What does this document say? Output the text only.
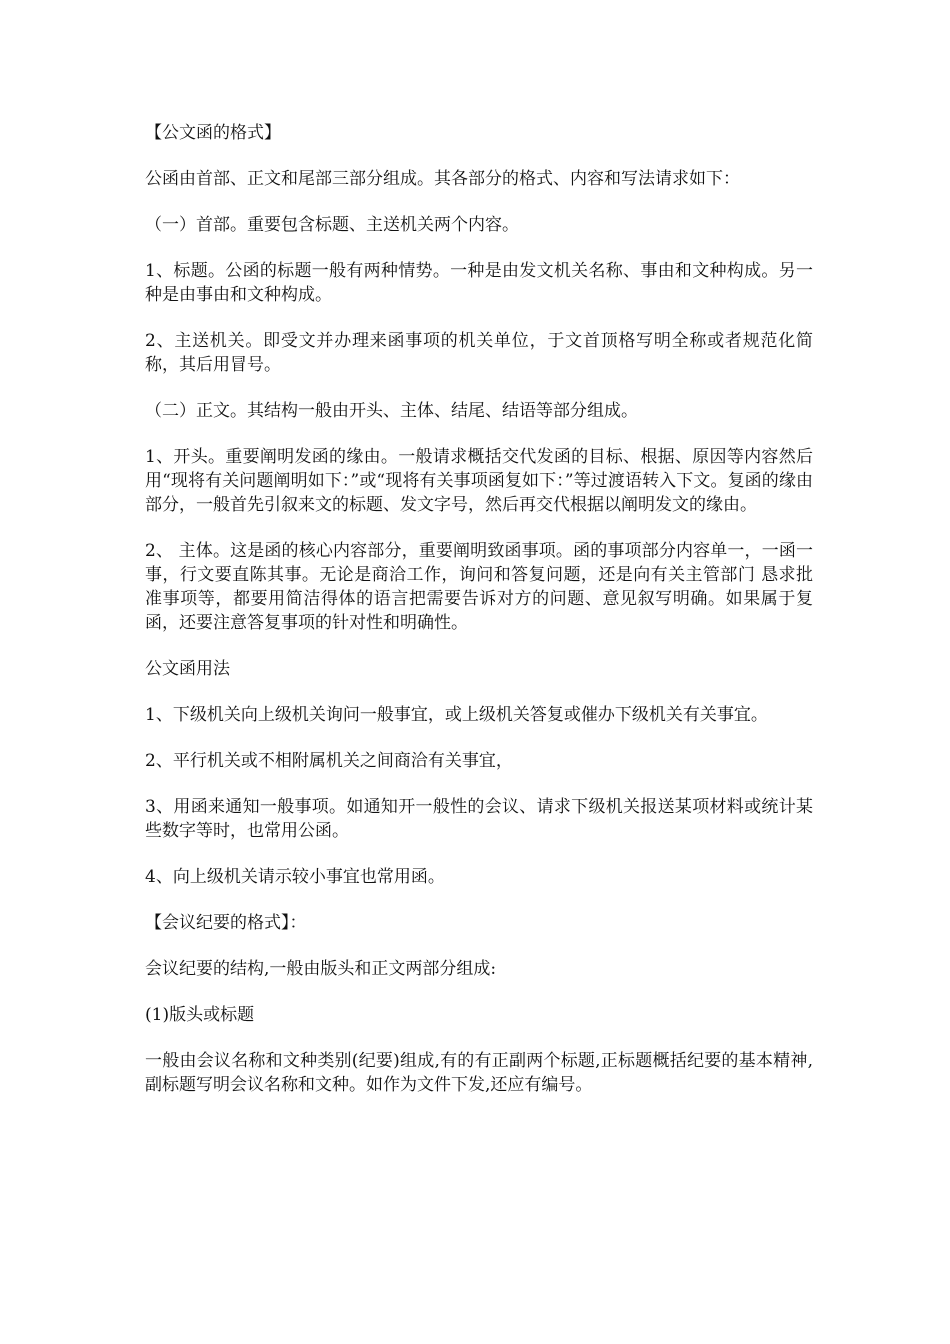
【公文函的格式】

公函由首部、正文和尾部三部分组成。其各部分的格式、内容和写法请求如下：

（一）首部。重要包含标题、主送机关两个内容。

1、标题。公函的标题一般有两种情势。一种是由发文机关名称、事由和文种构成。另一种是由事由和文种构成。

2、主送机关。即受文并办理来函事项的机关单位，于文首顶格写明全称或者规范化简称，其后用冒号。

（二）正文。其结构一般由开头、主体、结尾、结语等部分组成。

1、开头。重要阐明发函的缘由。一般请求概括交代发函的目标、根据、原因等内容然后用“现将有关问题阐明如下：”或“现将有关事项函复如下：”等过渡语转入下文。复函的缘由部分，一般首先引叙来文的标题、发文字号，然后再交代根据以阐明发文的缘由。

2、 主体。这是函的核心内容部分，重要阐明致函事项。函的事项部分内容单一，一函一事，行文要直陈其事。无论是商洽工作，询问和答复问题，还是向有关主管部门 恳求批准事项等，都要用简洁得体的语言把需要告诉对方的问题、意见叙写明确。如果属于复函，还要注意答复事项的针对性和明确性。

公文函用法

1、下级机关向上级机关询问一般事宜，或上级机关答复或催办下级机关有关事宜。

2、平行机关或不相附属机关之间商洽有关事宜，

3、用函来通知一般事项。如通知开一般性的会议、请求下级机关报送某项材料或统计某些数字等时，也常用公函。

4、向上级机关请示较小事宜也常用函。

【会议纪要的格式】：

会议纪要的结构,一般由版头和正文两部分组成:

(1)版头或标题

一般由会议名称和文种类别(纪要)组成,有的有正副两个标题,正标题概括纪要的基本精神,副标题写明会议名称和文种。如作为文件下发,还应有编号。
